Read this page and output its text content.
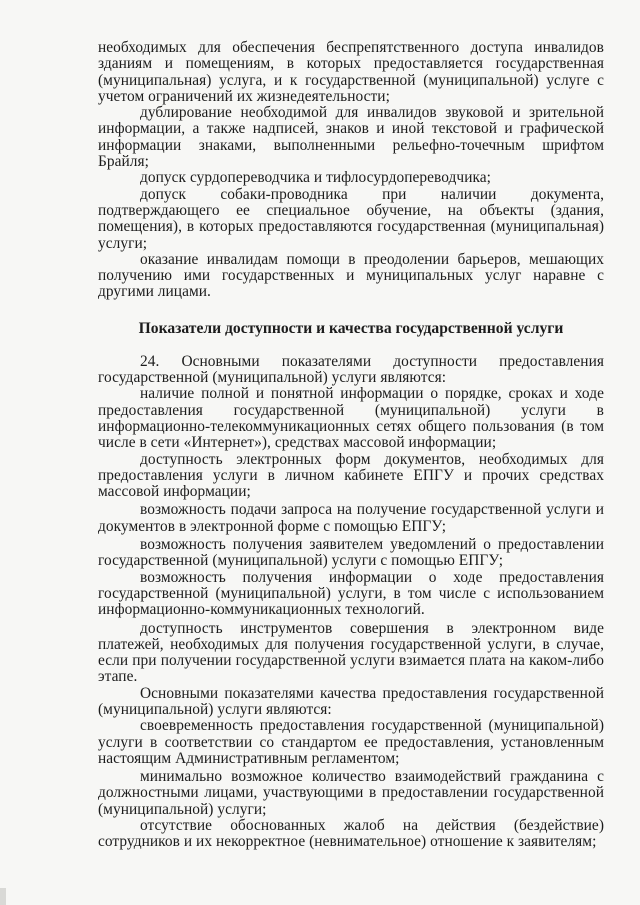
необходимых для обеспечения беспрепятственного доступа инвалидов зданиям и помещениям, в которых предоставляется государственная (муниципальная) услуга, и к государственной (муниципальной) услуге с учетом ограничений их жизнедеятельности;

дублирование необходимой для инвалидов звуковой и зрительной информации, а также надписей, знаков и иной текстовой и графической информации знаками, выполненными рельефно-точечным шрифтом Брайля;

допуск сурдопереводчика и тифлосурдопереводчика;

допуск собаки-проводника при наличии документа, подтверждающего ее специальное обучение, на объекты (здания, помещения), в которых предоставляются государственная (муниципальная) услуги;

оказание инвалидам помощи в преодолении барьеров, мешающих получению ими государственных и муниципальных услуг наравне с другими лицами.

Показатели доступности и качества государственной услуги

24. Основными показателями доступности предоставления государственной (муниципальной) услуги являются:

наличие полной и понятной информации о порядке, сроках и ходе предоставления государственной (муниципальной) услуги в информационно-телекоммуникационных сетях общего пользования (в том числе в сети «Интернет»), средствах массовой информации;

доступность электронных форм документов, необходимых для предоставления услуги в личном кабинете ЕПГУ и прочих средствах массовой информации;

возможность подачи запроса на получение государственной услуги и документов в электронной форме с помощью ЕПГУ;

возможность получения заявителем уведомлений о предоставлении государственной (муниципальной) услуги с помощью ЕПГУ;

возможность получения информации о ходе предоставления государственной (муниципальной) услуги, в том числе с использованием информационно-коммуникационных технологий.

доступность инструментов совершения в электронном виде платежей, необходимых для получения государственной услуги, в случае, если при получении государственной услуги взимается плата на каком-либо этапе.

Основными показателями качества предоставления государственной (муниципальной) услуги являются:

своевременность предоставления государственной (муниципальной) услуги в соответствии со стандартом ее предоставления, установленным настоящим Административным регламентом;

минимально возможное количество взаимодействий гражданина с должностными лицами, участвующими в предоставлении государственной (муниципальной) услуги;

отсутствие обоснованных жалоб на действия (бездействие) сотрудников и их некорректное (невнимательное) отношение к заявителям;
